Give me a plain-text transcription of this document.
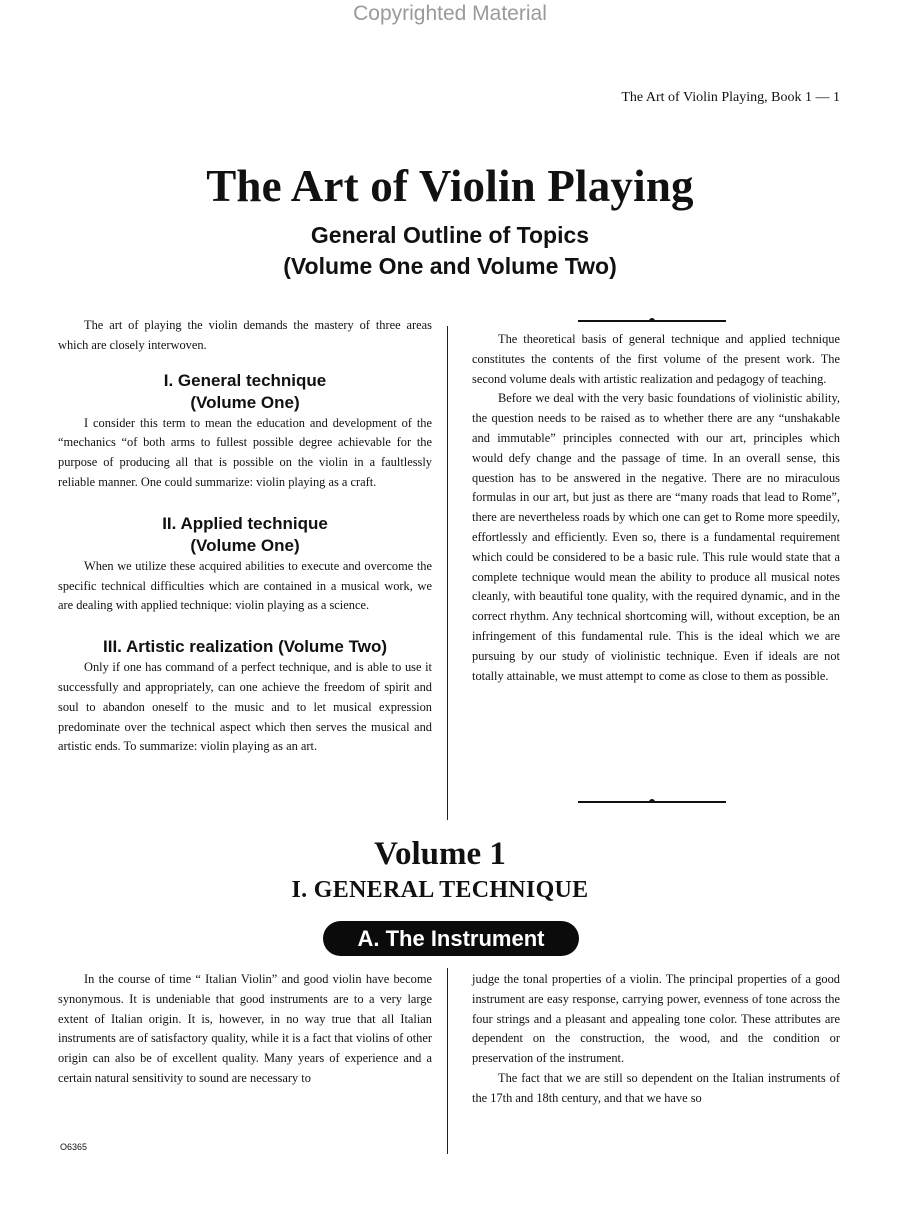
Copyrighted Material
The Art of Violin Playing, Book 1 — 1
The Art of Violin Playing
General Outline of Topics
(Volume One and Volume Two)

The art of playing the violin demands the mastery of three areas which are closely interwoven.

I. General technique
(Volume One)

I consider this term to mean the education and development of the “mechanics “of both arms to fullest possible degree achievable for the purpose of producing all that is possible on the violin in a faultlessly reliable manner. One could summarize: violin playing as a craft.

II. Applied technique
(Volume One)

When we utilize these acquired abilities to execute and overcome the specific technical difficulties which are contained in a musical work, we are dealing with applied technique: violin playing as a science.

III. Artistic realization (Volume Two)

Only if one has command of a perfect technique, and is able to use it successfully and appropriately, can one achieve the freedom of spirit and soul to abandon oneself to the music and to let musical expression predominate over the technical aspect which then serves the musical and artistic ends. To summarize: violin playing as an art.

The theoretical basis of general technique and applied technique constitutes the contents of the first volume of the present work. The second volume deals with artistic realization and pedagogy of teaching.

Before we deal with the very basic foundations of violinistic ability, the question needs to be raised as to whether there are any “unshakable and immutable” principles connected with our art, principles which would defy change and the passage of time. In an overall sense, this question has to be answered in the negative. There are no miraculous formulas in our art, but just as there are “many roads that lead to Rome”, there are nevertheless roads by which one can get to Rome more speedily, effortlessly and efficiently. Even so, there is a fundamental requirement which could be considered to be a basic rule. This rule would state that a complete technique would mean the ability to produce all musical notes cleanly, with beautiful tone quality, with the required dynamic, and in the correct rhythm. Any technical shortcoming will, without exception, be an infringement of this fundamental rule. This is the ideal which we are pursuing by our study of violinistic technique. Even if ideals are not totally attainable, we must attempt to come as close to them as possible.

Volume 1
I. GENERAL TECHNIQUE
A. The Instrument

In the course of time “ Italian Violin” and good violin have become synonymous. It is undeniable that good instruments are to a very large extent of Italian origin. It is, however, in no way true that all Italian instruments are of satisfactory quality, while it is a fact that violins of other origin can also be of excellent quality. Many years of experience and a certain natural sensitivity to sound are necessary to

judge the tonal properties of a violin. The principal properties of a good instrument are easy response, carrying power, evenness of tone across the four strings and a pleasant and appealing tone color. These attributes are dependent on the construction, the wood, and the condition or preservation of the instrument.

The fact that we are still so dependent on the Italian instruments of the 17th and 18th century, and that we have so

O6365
